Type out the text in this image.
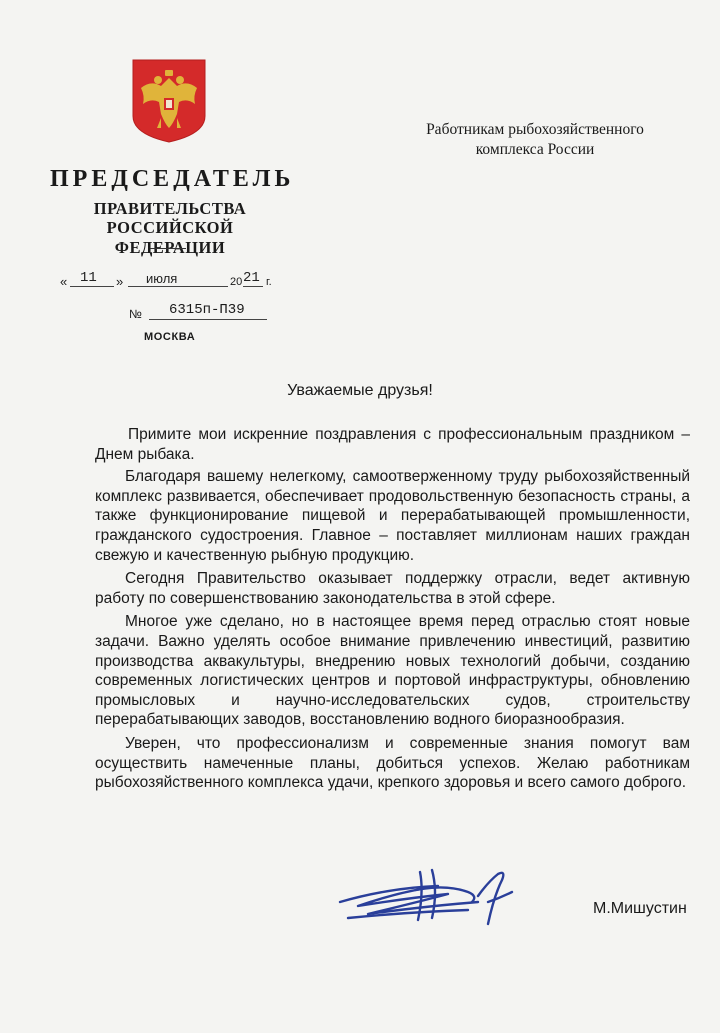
ПРЕДСЕДАТЕЛЬ
ПРАВИТЕЛЬСТВА
РОССИЙСКОЙ ФЕДЕРАЦИИ
« 11 » июля	20 21 г.
№	6315п-П39
МОСКВА
Работникам рыбохозяйственного
комплекса России
Уважаемые друзья!

Примите мои искренние поздравления с профессиональным праздником – Днем рыбака.

Благодаря вашему нелегкому, самоотверженному труду рыбохозяйственный комплекс развивается, обеспечивает продовольственную безопасность страны, а также функционирование пищевой и перерабатывающей промышленности, гражданского судостроения. Главное – поставляет миллионам наших граждан свежую и качественную рыбную продукцию.

Сегодня Правительство оказывает поддержку отрасли, ведет активную работу по совершенствованию законодательства в этой сфере.

Многое уже сделано, но в настоящее время перед отраслью стоят новые задачи. Важно уделять особое внимание привлечению инвестиций, развитию производства аквакультуры, внедрению новых технологий добычи, созданию современных логистических центров и портовой инфраструктуры, обновлению промысловых и научно-исследовательских судов, строительству перерабатывающих заводов, восстановлению водного биоразнообразия.

Уверен, что профессионализм и современные знания помогут вам осуществить намеченные планы, добиться успехов. Желаю работникам рыбохозяйственного комплекса удачи, крепкого здоровья и всего самого доброго.

М.Мишустин
